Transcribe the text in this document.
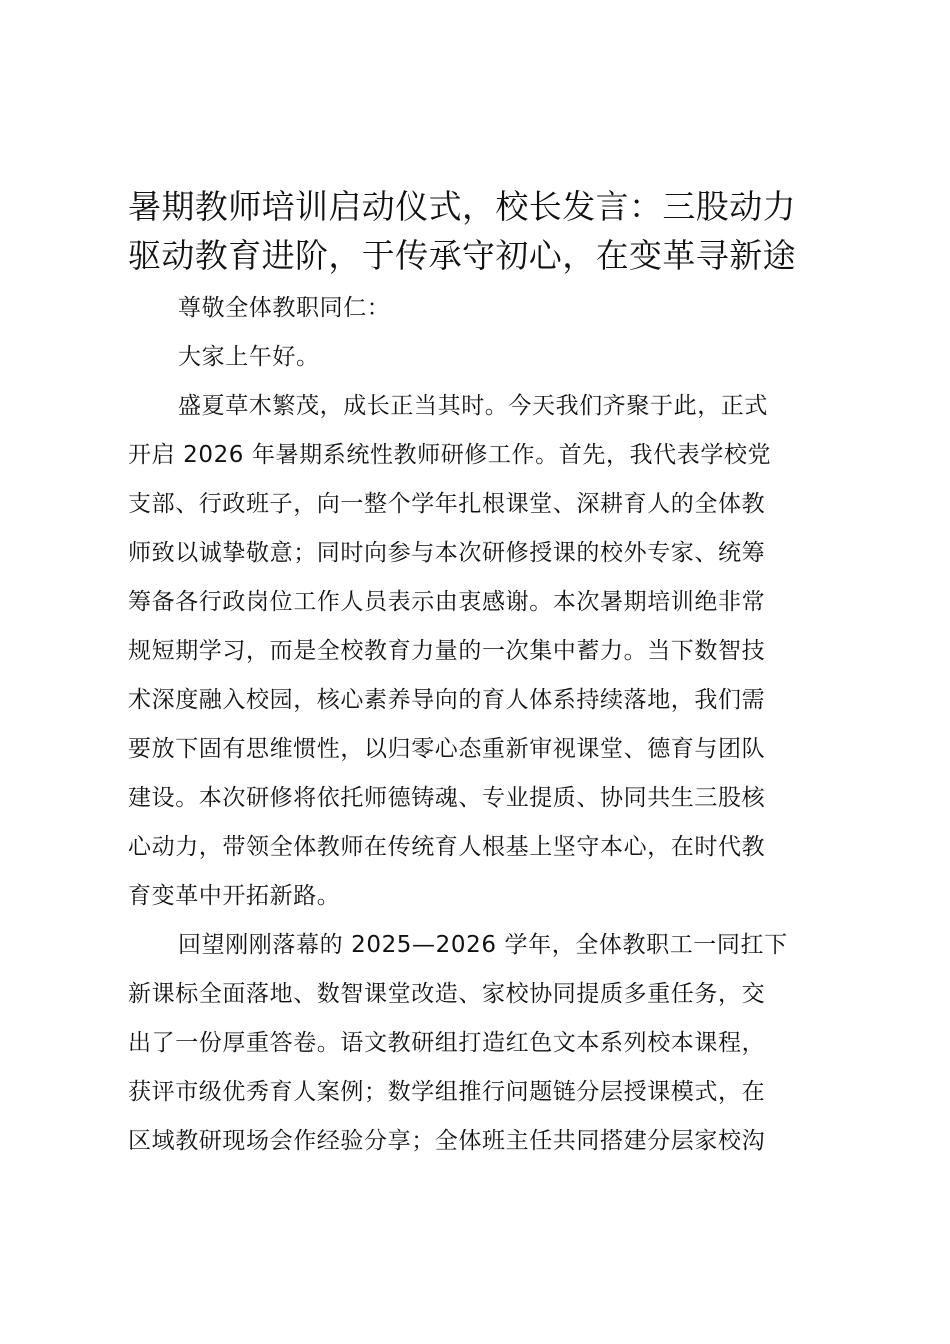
暑期教师培训启动仪式，校长发言：三股动力
驱动教育进阶，于传承守初心，在变革寻新途
尊敬全体教职同仁：
大家上午好。
盛夏草木繁茂，成长正当其时。今天我们齐聚于此，正式
开启 2026 年暑期系统性教师研修工作。首先，我代表学校党
支部、行政班子，向一整个学年扎根课堂、深耕育人的全体教
师致以诚挚敬意；同时向参与本次研修授课的校外专家、统筹
筹备各行政岗位工作人员表示由衷感谢。本次暑期培训绝非常
规短期学习，而是全校教育力量的一次集中蓄力。当下数智技
术深度融入校园，核心素养导向的育人体系持续落地，我们需
要放下固有思维惯性，以归零心态重新审视课堂、德育与团队
建设。本次研修将依托师德铸魂、专业提质、协同共生三股核
心动力，带领全体教师在传统育人根基上坚守本心，在时代教
育变革中开拓新路。
回望刚刚落幕的 2025—2026 学年，全体教职工一同扛下
新课标全面落地、数智课堂改造、家校协同提质多重任务，交
出了一份厚重答卷。语文教研组打造红色文本系列校本课程，
获评市级优秀育人案例；数学组推行问题链分层授课模式，在
区域教研现场会作经验分享；全体班主任共同搭建分层家校沟
